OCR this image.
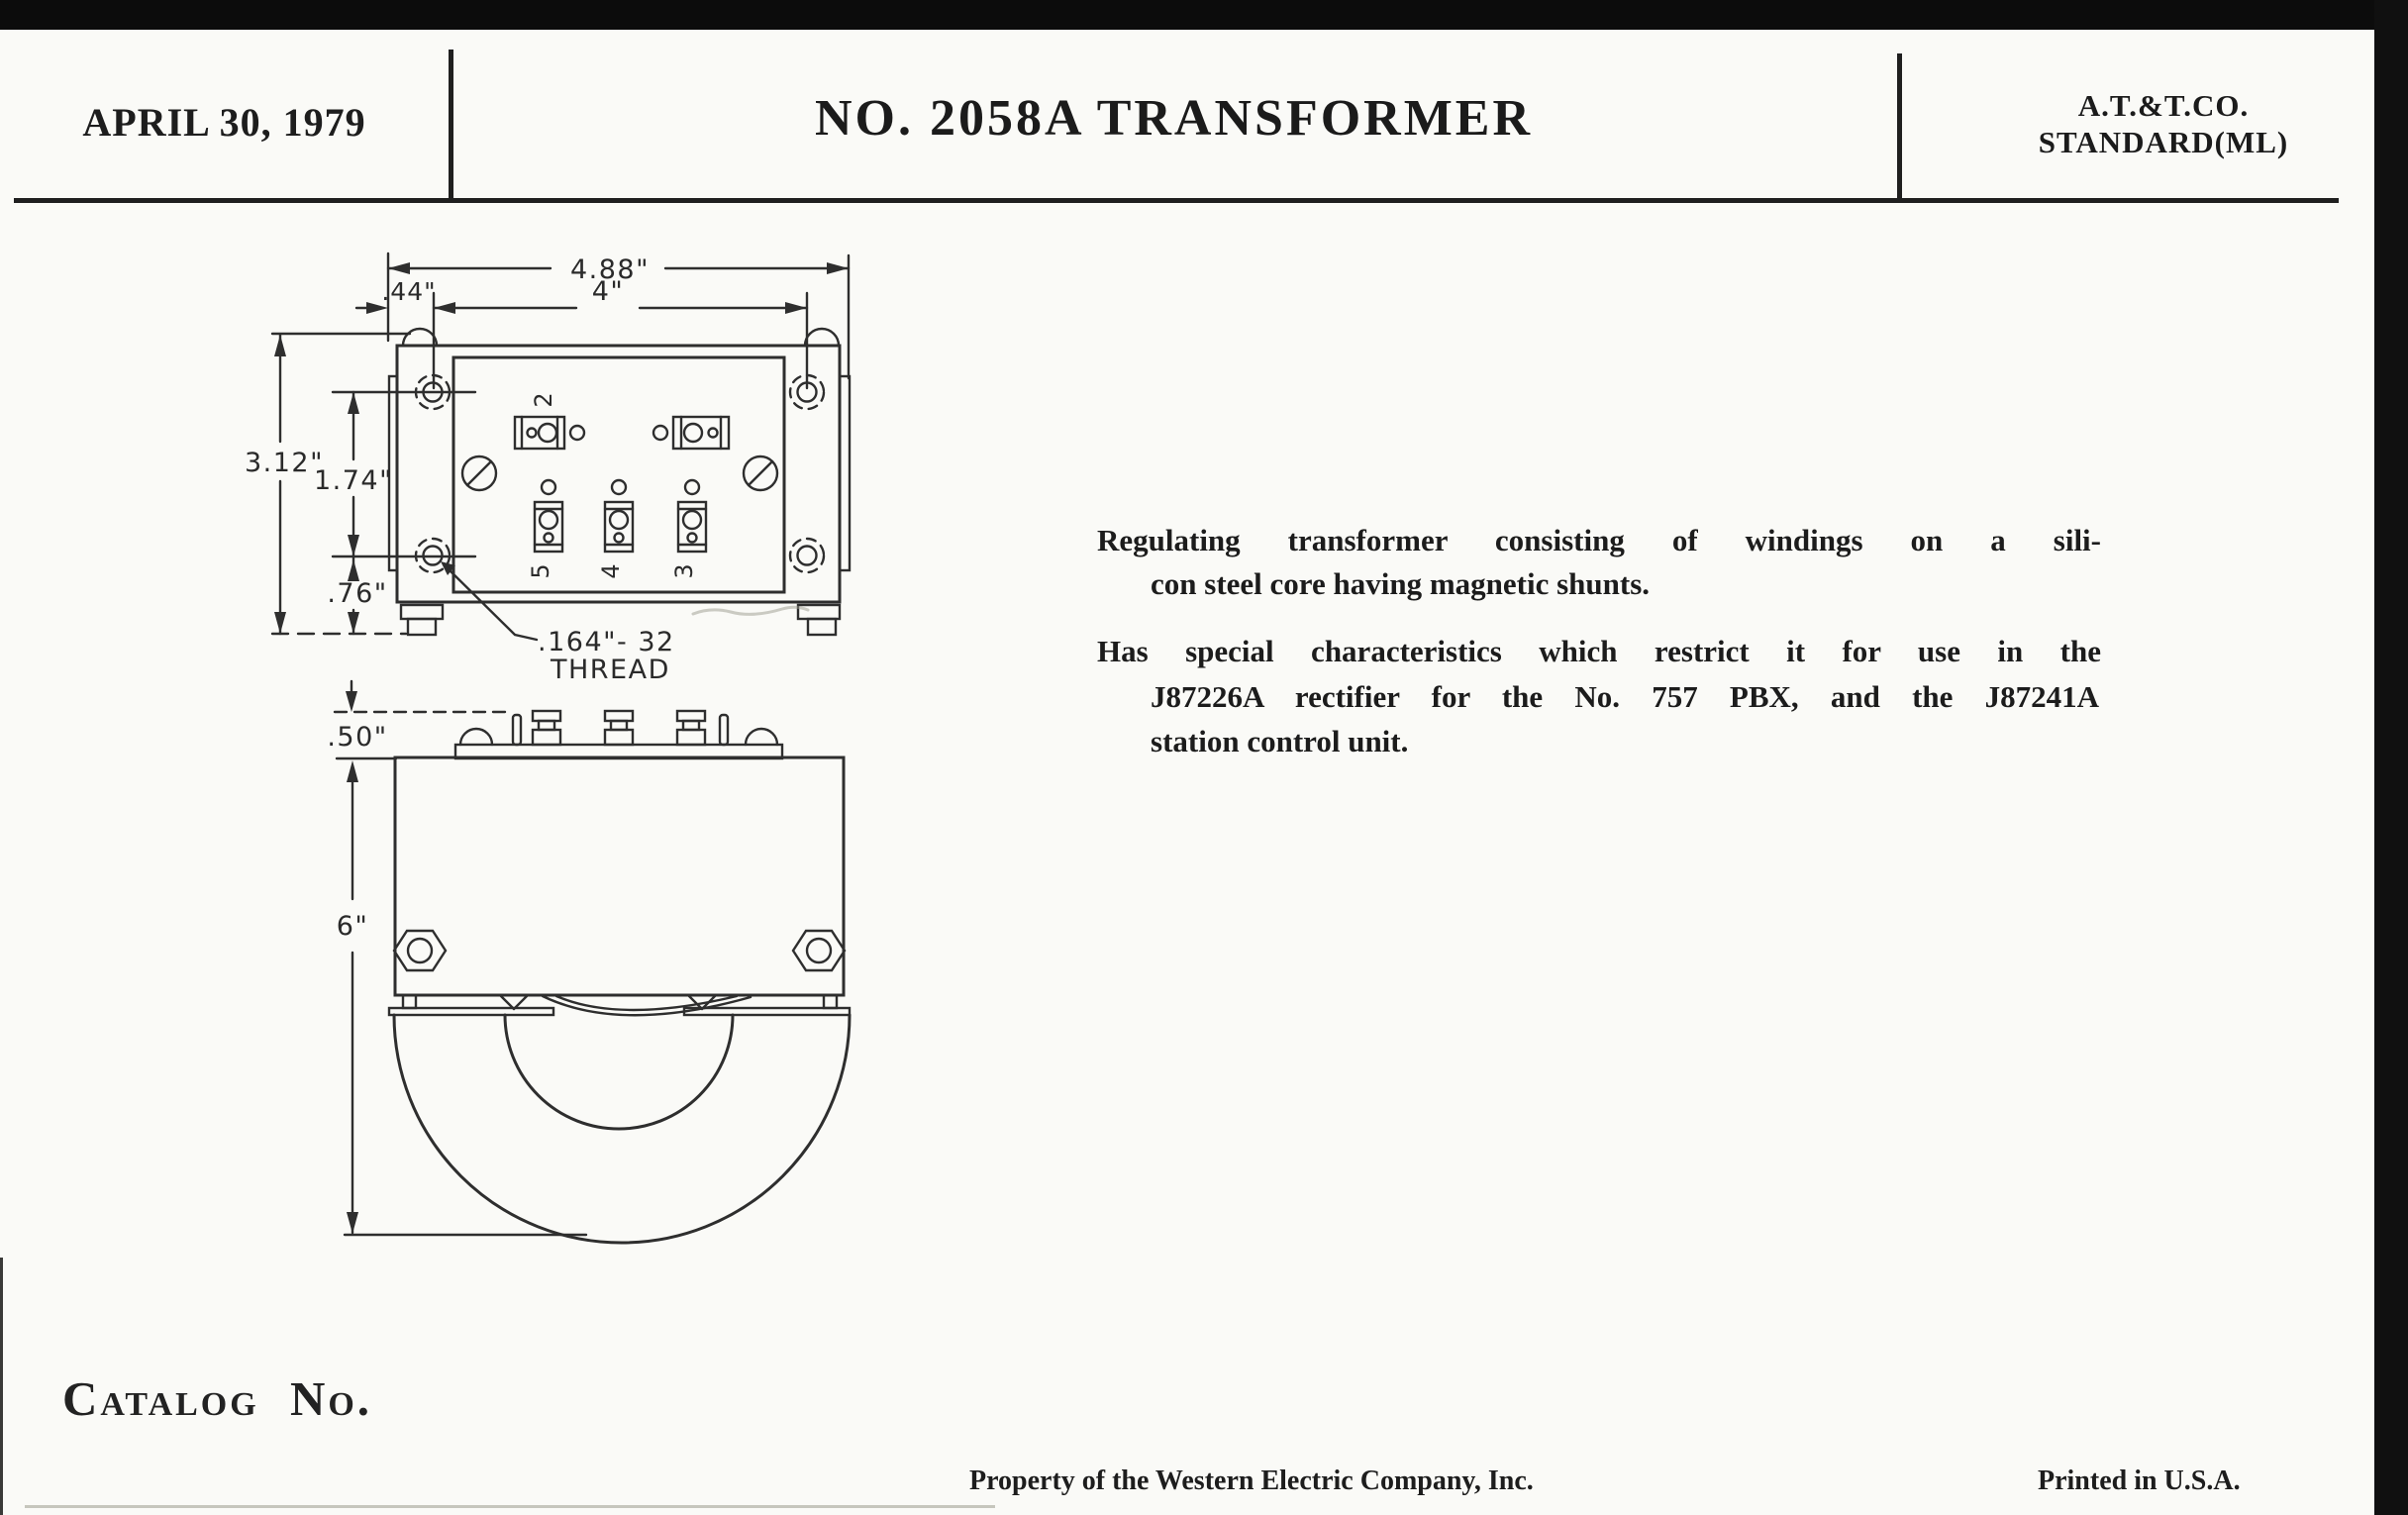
APRIL 30, 1979	NO. 2058A TRANSFORMER	A.T.&T.CO.
STANDARD(ML)
Regulating transformer consisting of windings on a sili-
con steel core having magnetic shunts.
Has special characteristics which restrict it for use in the
J87226A rectifier for the No. 757 PBX, and the J87241A
station control unit.
4.88"
.44"	4"
3.12"
1.74"
.76"
.164"- 32
THREAD
.50"
6"
2
5 4 3
Catalog No.
Property of the Western Electric Company, Inc.	Printed in U.S.A.
